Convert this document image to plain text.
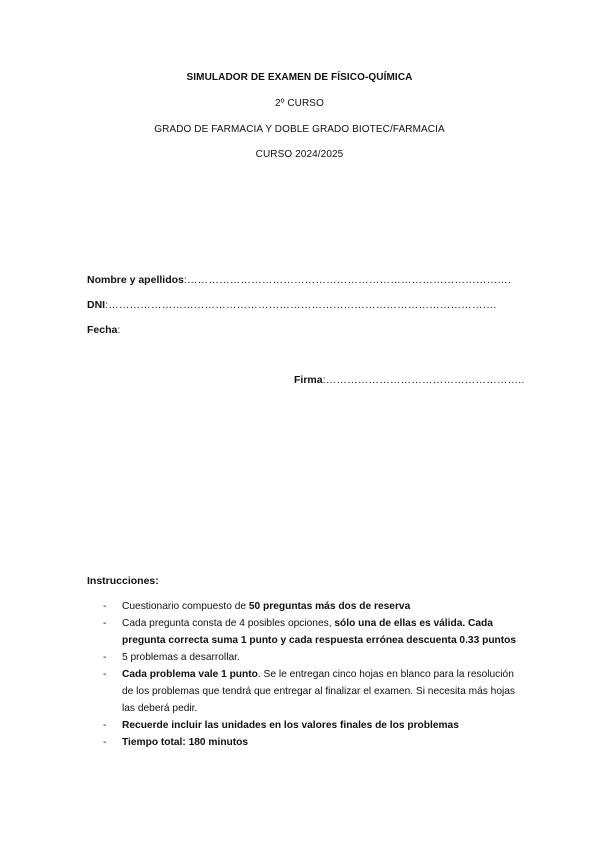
SIMULADOR DE EXAMEN DE FÍSICO-QUÍMICA
2º CURSO
GRADO DE FARMACIA Y DOBLE GRADO BIOTEC/FARMACIA
CURSO 2024/2025
Nombre y apellidos:……………………………………………………………………………….
DNI:……………………………………………………………………………………………….
Fecha:
Firma:………………………………………………..
Instrucciones:
- Cuestionario compuesto de 50 preguntas más dos de reserva
- Cada pregunta consta de 4 posibles opciones, sólo una de ellas es válida. Cada pregunta correcta suma 1 punto y cada respuesta errónea descuenta 0.33 puntos
- 5 problemas a desarrollar.
- Cada problema vale 1 punto. Se le entregan cinco hojas en blanco para la resolución de los problemas que tendrá que entregar al finalizar el examen. Si necesita más hojas las deberá pedir.
- Recuerde incluir las unidades en los valores finales de los problemas
- Tiempo total: 180 minutos
